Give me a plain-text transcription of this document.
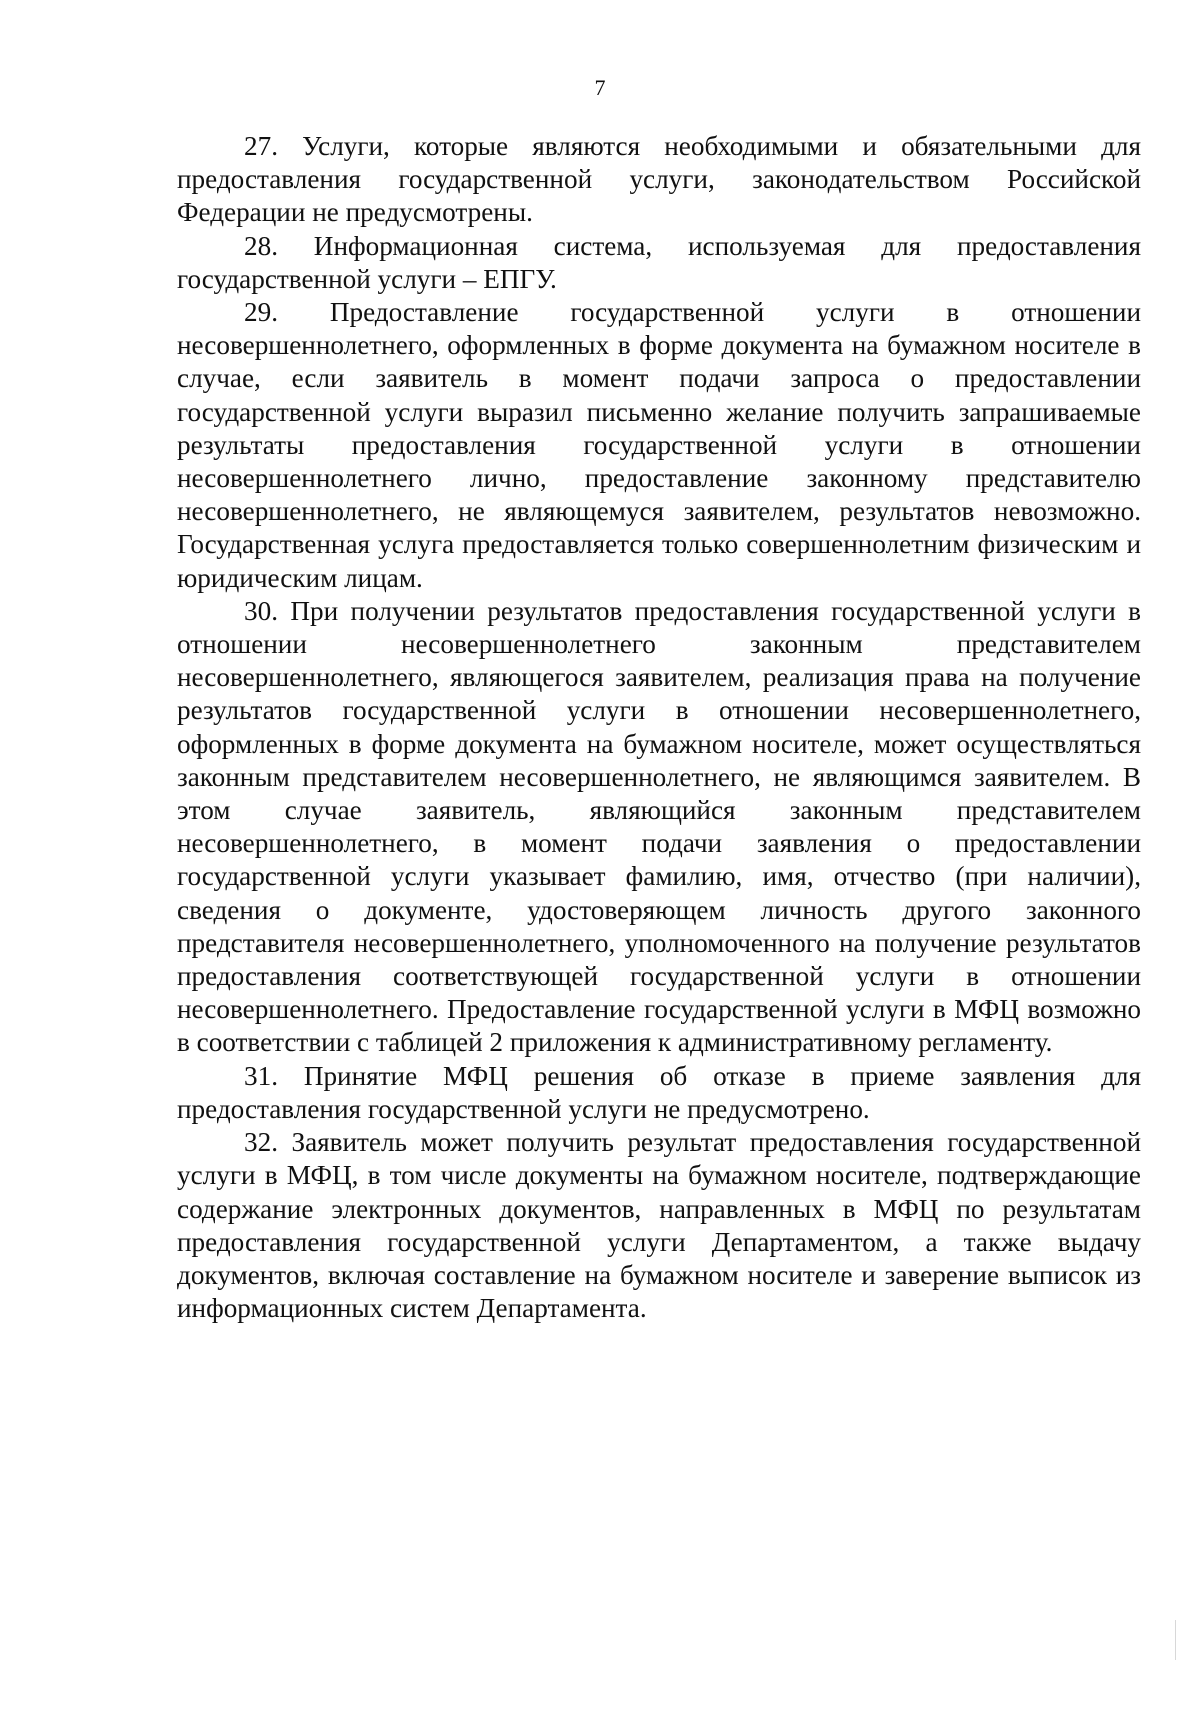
7

27. Услуги, которые являются необходимыми и обязательными для предоставления государственной услуги, законодательством Российской Федерации не предусмотрены.

28. Информационная система, используемая для предоставления государственной услуги – ЕПГУ.

29. Предоставление государственной услуги в отношении несовершеннолетнего, оформленных в форме документа на бумажном носителе в случае, если заявитель в момент подачи запроса о предоставлении государственной услуги выразил письменно желание получить запрашиваемые результаты предоставления государственной услуги в отношении несовершеннолетнего лично, предоставление законному представителю несовершеннолетнего, не являющемуся заявителем, результатов невозможно. Государственная услуга предоставляется только совершеннолетним физическим и юридическим лицам.

30. При получении результатов предоставления государственной услуги в отношении несовершеннолетнего законным представителем несовершеннолетнего, являющегося заявителем, реализация права на получение результатов государственной услуги в отношении несовершеннолетнего, оформленных в форме документа на бумажном носителе, может осуществляться законным представителем несовершеннолетнего, не являющимся заявителем. В этом случае заявитель, являющийся законным представителем несовершеннолетнего, в момент подачи заявления о предоставлении государственной услуги указывает фамилию, имя, отчество (при наличии), сведения о документе, удостоверяющем личность другого законного представителя несовершеннолетнего, уполномоченного на получение результатов предоставления соответствующей государственной услуги в отношении несовершеннолетнего. Предоставление государственной услуги в МФЦ возможно в соответствии с таблицей 2 приложения к административному регламенту.

31. Принятие МФЦ решения об отказе в приеме заявления для предоставления государственной услуги не предусмотрено.

32. Заявитель может получить результат предоставления государственной услуги в МФЦ, в том числе документы на бумажном носителе, подтверждающие содержание электронных документов, направленных в МФЦ по результатам предоставления государственной услуги Департаментом, а также выдачу документов, включая составление на бумажном носителе и заверение выписок из информационных систем Департамента.
